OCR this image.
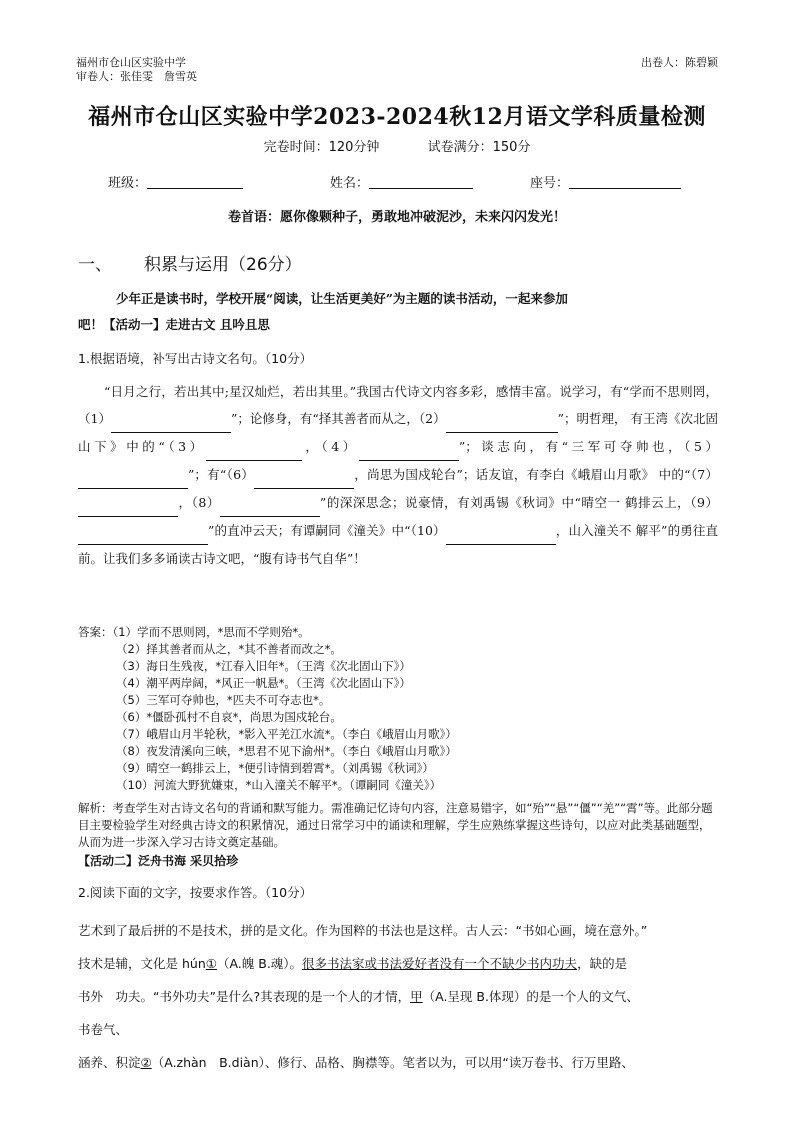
福州市仓山区实验中学
审卷人：张佳雯　詹雪英
出卷人：陈碧颖
福州市仓山区实验中学2023-2024秋12月语文学科质量检测
完卷时间：120分钟	试卷满分：150分
班级：	姓名：	座号：
卷首语：愿你像颗种子，勇敢地冲破泥沙，未来闪闪发光！
一、 积累与运用（26分）
少年正是读书时，学校开展“阅读，让生活更美好”为主题的读书活动，一起来参加
吧！【活动一】走进古文 且吟且思
1.根据语境，补写出古诗文名句。（10分）
“日月之行，若出其中;星汉灿烂，若出其里。”我国古代诗文内容多彩，感情丰富。说学习，有“学而不思则罔，（1）	”；论修身，有“择其善者而从之，（2）	”；明哲理， 有王湾《次北固山下》中的“（3）	，（4）	”；谈志向，有“三军可夺帅也，（5） ”；有“（6）	，尚思为国戍轮台”；话友谊，有李白《峨眉山月歌》 中的“（7） ，（8）	”的深深思念；说豪情，有刘禹锡《秋词》中“晴空一 鹤排云上，（9） ”的直冲云天；有谭嗣同《潼关》中“（10）	，山入潼关不 解平”的勇往直前。让我们多多诵读古诗文吧，“腹有诗书气自华”！
答案：（1）学而不思则罔，*思而不学则殆*。
（2）择其善者而从之，*其不善者而改之*。
（3）海日生残夜，*江春入旧年*。（王湾《次北固山下》）
（4）潮平两岸阔，*风正一帆悬*。（王湾《次北固山下》）
（5）三军可夺帅也，*匹夫不可夺志也*。
（6）*僵卧孤村不自哀*，尚思为国戍轮台。
（7）峨眉山月半轮秋，*影入平羌江水流*。（李白《峨眉山月歌》）
（8）夜发清溪向三峡，*思君不见下渝州*。（李白《峨眉山月歌》）
（9）晴空一鹤排云上，*便引诗情到碧霄*。（刘禹锡《秋词》）
（10）河流大野犹嫌束，*山入潼关不解平*。（谭嗣同《潼关》）
解析：考查学生对古诗文名句的背诵和默写能力。需准确记忆诗句内容，注意易错字，如“殆”“悬”“僵”“羌”“霄”等。此部分题目主要检验学生对经典古诗文的积累情况，通过日常学习中的诵读和理解，学生应熟练掌握这些诗句，以应对此类基础题型，从而为进一步深入学习古诗文奠定基础。
【活动二】泛舟书海 采贝拾珍
2.阅读下面的文字，按要求作答。（10分）
艺术到了最后拼的不是技术，拼的是文化。作为国粹的书法也是这样。古人云：“书如心画，境在意外。”
技术是辅，文化是 hún①（A.魄 B.魂）。很多书法家或书法爱好者没有一个不缺少书内功夫，缺的是
书外　功夫。“书外功夫”是什么?其表现的是一个人的才情，甲（A.呈现 B.体现）的是一个人的文气、
书卷气、
涵养、积淀②（A.zhàn　B.diàn）、修行、品格、胸襟等。笔者以为，可以用“读万卷书、行万里路、
